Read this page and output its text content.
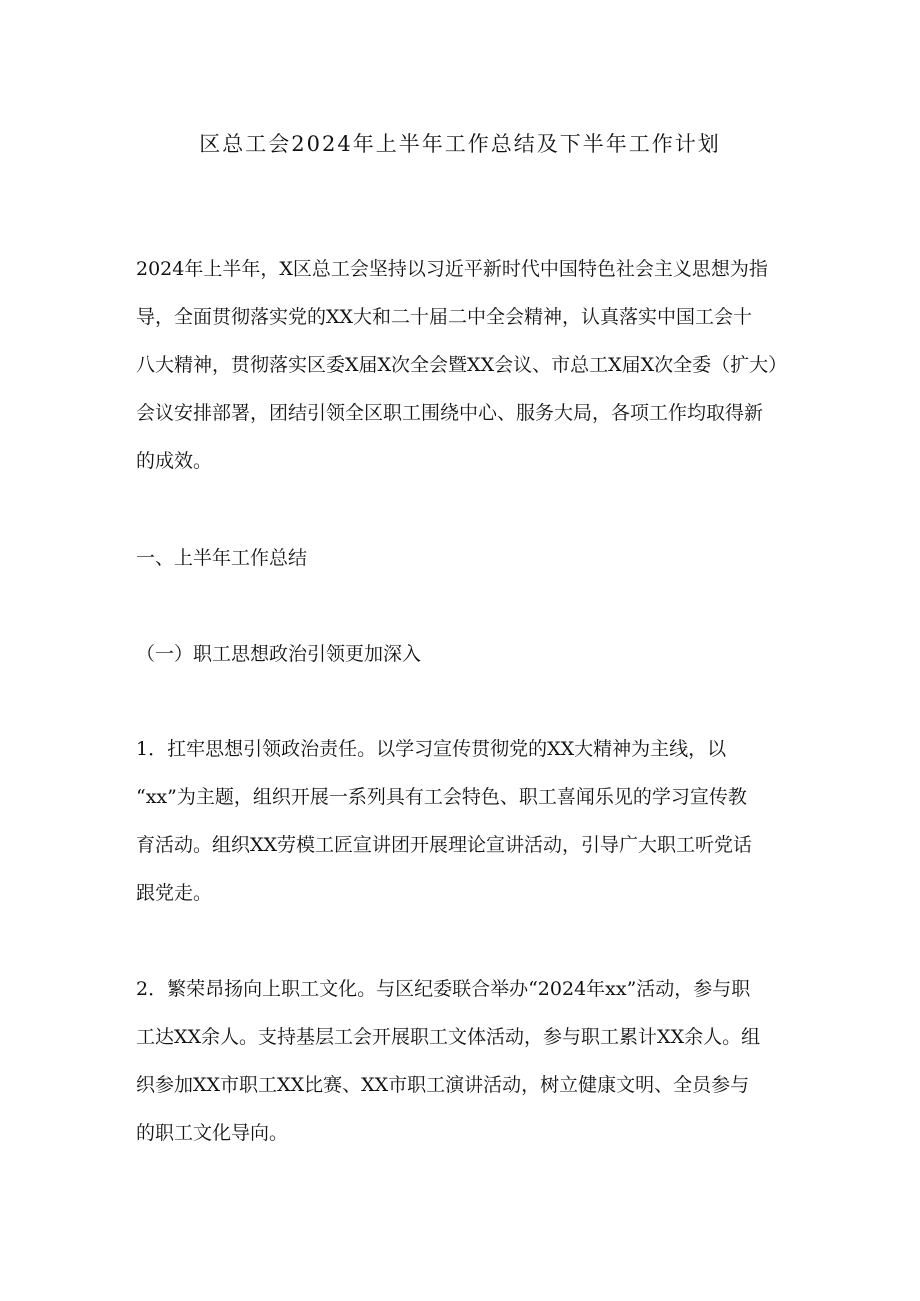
区总工会2024年上半年工作总结及下半年工作计划
2024年上半年，X区总工会坚持以习近平新时代中国特色社会主义思想为指
导，全面贯彻落实党的XX大和二十届二中全会精神，认真落实中国工会十
八大精神，贯彻落实区委X届X次全会暨XX会议、市总工X届X次全委（扩大）
会议安排部署，团结引领全区职工围绕中心、服务大局，各项工作均取得新
的成效。
一、上半年工作总结
（一）职工思想政治引领更加深入
1．扛牢思想引领政治责任。以学习宣传贯彻党的XX大精神为主线，以
“xx”为主题，组织开展一系列具有工会特色、职工喜闻乐见的学习宣传教
育活动。组织XX劳模工匠宣讲团开展理论宣讲活动，引导广大职工听党话
跟党走。
2．繁荣昂扬向上职工文化。与区纪委联合举办“2024年xx”活动，参与职
工达XX余人。支持基层工会开展职工文体活动，参与职工累计XX余人。组
织参加XX市职工XX比赛、XX市职工演讲活动，树立健康文明、全员参与
的职工文化导向。
